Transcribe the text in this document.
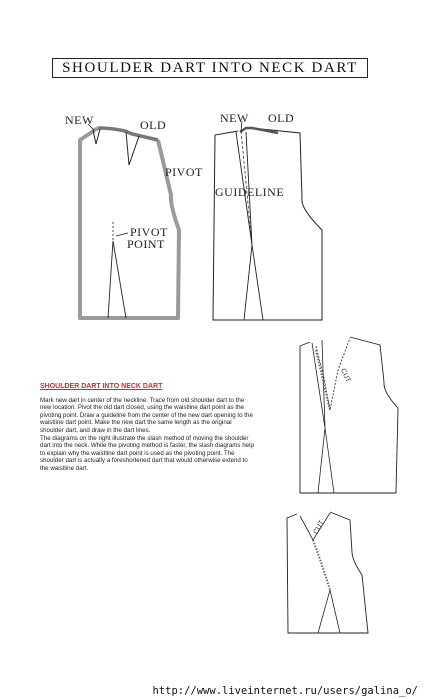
SHOULDER DART INTO NECK DART
NEW	OLD
PIVOT
PIVOT
POINT
NEW OLD
GUIDELINE
CUT
CUT
SHOULDER DART INTO NECK DART

Mark new dart in center of the neckline. Trace from old shoulder dart to the

new location. Pivot the old dart closed, using the waistline dart point as the

pivoting point. Draw a guideline from the center of the new dart opening to the

waistline dart point. Make the new dart the same length as the original

shoulder dart, and draw in the dart lines.

The diagrams on the right illustrate the slash method of moving the shoulder

dart into the neck. While the pivoting method is faster, the slash diagrams help

to explain why the waistline dart point is used as the pivoting point. The

shoulder dart is actually a foreshortened dart that would otherwise extend to

the waistline dart.

http://www.liveinternet.ru/users/galina_o/
